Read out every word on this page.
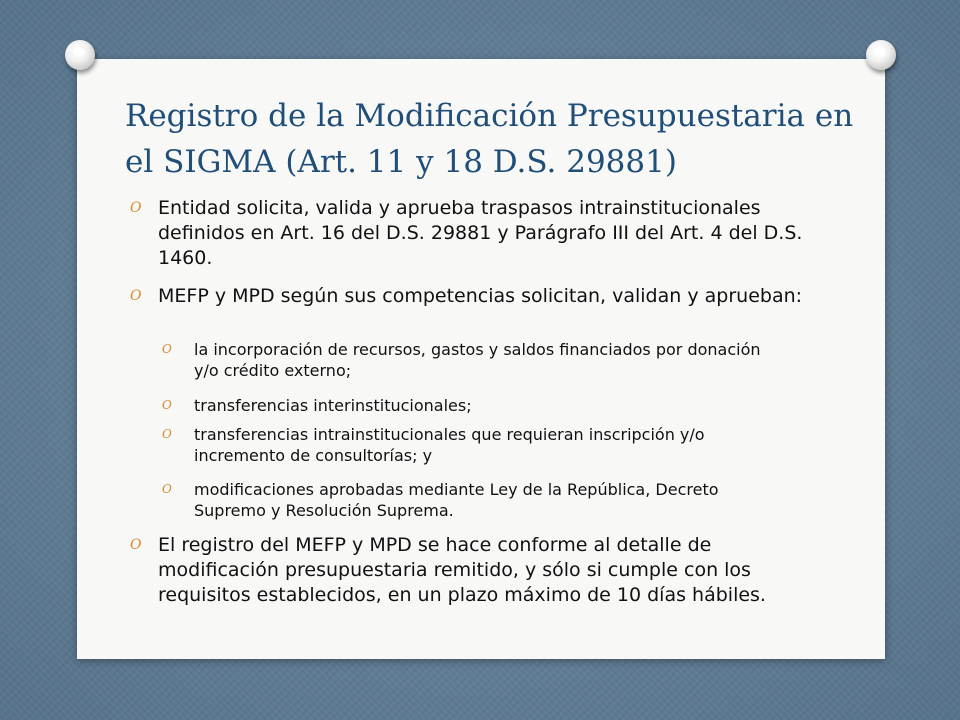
Registro de la Modificación Presupuestaria en el SIGMA (Art. 11 y 18 D.S. 29881)
O Entidad solicita, valida y aprueba traspasos intrainstitucionales definidos en Art. 16 del D.S. 29881 y Parágrafo III del Art. 4 del D.S. 1460.
O MEFP y MPD según sus competencias solicitan, validan y aprueban:
O	la incorporación de recursos, gastos y saldos financiados por donación y/o crédito externo;
O	transferencias interinstitucionales;
O	transferencias intrainstitucionales que requieran inscripción y/o incremento de consultorías; y
O	modificaciones aprobadas mediante Ley de la República, Decreto Supremo y Resolución Suprema.
O El registro del MEFP y MPD se hace conforme al detalle de modificación presupuestaria remitido, y sólo si cumple con los requisitos establecidos, en un plazo máximo de 10 días hábiles.
